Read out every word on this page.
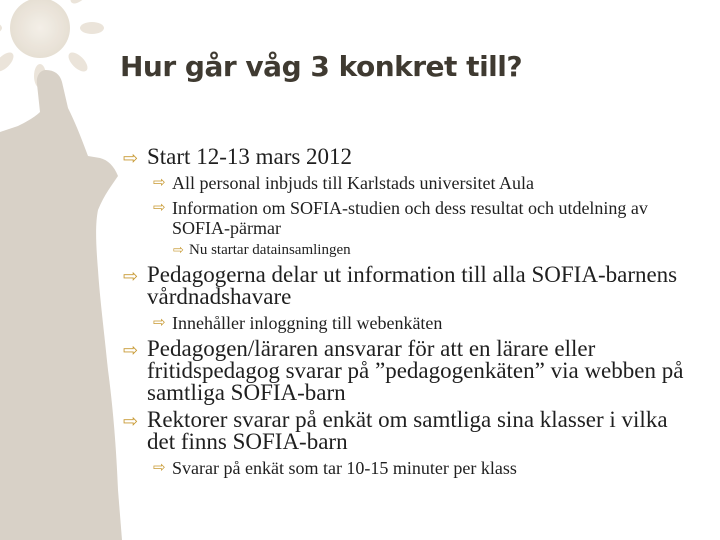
Hur går våg 3 konkret till?
⇨ Start 12-13 mars 2012
⇨ All personal inbjuds till Karlstads universitet Aula
⇨ Information om SOFIA-studien och dess resultat och utdelning av SOFIA-pärmar
⇨ Nu startar datainsamlingen
⇨ Pedagogerna delar ut information till alla SOFIA-barnens vårdnadshavare
⇨ Innehåller inloggning till webenkäten
⇨ Pedagogen/läraren ansvarar för att en lärare eller fritidspedagog svarar på ”pedagogenkäten” via webben på samtliga SOFIA-barn
⇨ Rektorer svarar på enkät om samtliga sina klasser i vilka det finns SOFIA-barn
⇨ Svarar på enkät som tar 10-15 minuter per klass
